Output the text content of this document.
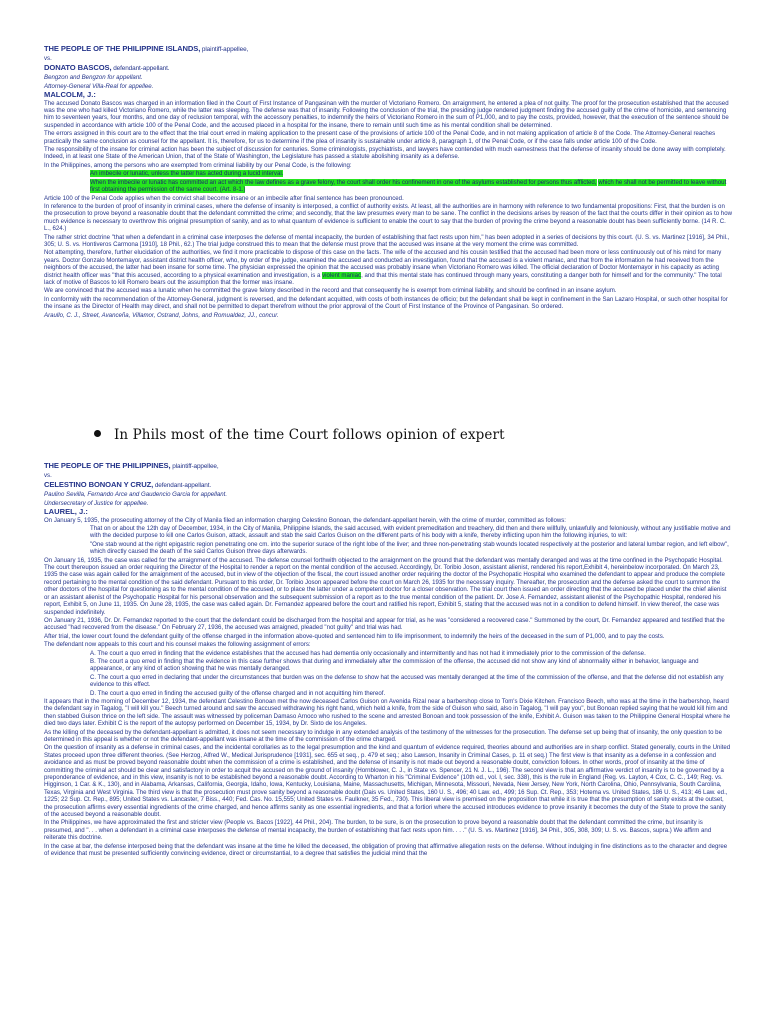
THE PEOPLE OF THE PHILIPPINE ISLANDS, plaintiff-appellee,

vs.

DONATO BASCOS, defendant-appellant.

Bengzon and Bengzon for appellant.

Attorney-General Villa-Real for appellee.

MALCOLM, J.:

The accused Donato Bascos was charged in an information filed in the Court of First Instance of Pangasinan with the murder of Victoriano Romero. On arraignment, he entered a plea of not guilty. The proof for the prosecution established that the accused was the one who had killed Victoriano Romero, while the latter was sleeping. The defense was that of insanity. Following the conclusion of the trial, the presiding judge rendered judgment finding the accused guilty of the crime of homicide, and sentencing him to seventeen years, four months, and one day of reclusion temporal, with the accessory penalties, to indemnify the heirs of Victoriano Romero in the sum of P1,000, and to pay the costs, provided, however, that the execution of the sentence should be suspended in accordance with article 100 of the Penal Code, and the accused placed in a hospital for the insane, there to remain until such time as his mental condition shall be determined.

The errors assigned in this court are to the effect that the trial court erred in making application to the present case of the provisions of article 100 of the Penal Code, and in not making application of article 8 of the Code. The Attorney-General reaches practically the same conclusion as counsel for the appellant. It is, therefore, for us to determine if the plea of insanity is sustainable under article 8, paragraph 1, of the Penal Code, or if the case falls under article 100 of the Code.

The responsibility of the insane for criminal action has been the subject of discussion for centuries. Some criminologists, psychiatrists, and lawyers have contended with much earnestness that the defense of insanity should be done away with completely. Indeed, in at least one State of the American Union, that of the State of Washington, the Legislature has passed a statute abolishing insanity as a defense.

In the Philippines, among the persons who are exempted from criminal liability by our Penal Code, is the following:

An imbecile or lunatic, unless the latter has acted during a lucid interval.

When the imbecile or lunatic has committed an act which the law defines as a grave felony, the court shall order his confinement in one of the asylums established for persons thus afflicted, which he shall not be permitted to leave without first obtaining the permission of the same court. (Art. 8-1.)

Article 100 of the Penal Code applies when the convict shall become insane or an imbecile after final sentence has been pronounced.

In reference to the burden of proof of insanity in criminal cases, where the defense of insanity is interposed, a conflict of authority exists. At least, all the authorities are in harmony with reference to two fundamental propositions: First, that the burden is on the prosecution to prove beyond a reasonable doubt that the defendant committed the crime; and secondly, that the law presumes every man to be sane. The conflict in the decisions arises by reason of the fact that the courts differ in their opinion as to how much evidence is necessary to overthrow this original presumption of sanity, and as to what quantum of evidence is sufficient to enable the court to say that the burden of proving the crime beyond a reasonable doubt has been sufficiently borne. (14 R. C. L., 624.)

The rather strict doctrine "that when a defendant in a criminal case interposes the defense of mental incapacity, the burden of establishing that fact rests upon him," has been adopted in a series of decisions by this court. (U. S. vs. Martinez [1916], 34 Phil., 305; U. S. vs. Hontiveros Carmona [1910], 18 Phil., 62.) The trial judge construed this to mean that the defense must prove that the accused was insane at the very moment the crime was committed.

Not attempting, therefore, further elucidation of the authorities, we find it more practicable to dispose of this case on the facts. The wife of the accused and his cousin testified that the accused had been more or less continuously out of his mind for many years. Doctor Gonzalo Montemayor, assistant district health officer, who, by order of the judge, examined the accused and conducted an investigation, found that the accused is a violent maniac, and that from the information he had received from the neighbors of the accused, the latter had been insane for some time. The physician expressed the opinion that the accused was probably insane when Victoriano Romero was killed. The official declaration of Doctor Montemayor in his capacity as acting district health officer was "that this accused, according to a physical examination and investigation, is a violent maniac, and that this mental state has continued through many years, constituting a danger both for himself and for the community." The total lack of motive of Bascos to kill Romero bears out the assumption that the former was insane.

We are convinced that the accused was a lunatic when he committed the grave felony described in the record and that consequently he is exempt from criminal liability, and should be confined in an insane asylum.

In conformity with the recommendation of the Attorney-General, judgment is reversed, and the defendant acquitted, with costs of both instances de officio; but the defendant shall be kept in confinement in the San Lazaro Hospital, or such other hospital for the insane as the Director of Health may direct, and shall not be permitted to depart therefrom without the prior approval of the Court of First Instance of the Province of Pangasinan. So ordered.

Araullo, C. J., Street, Avanceña, Villamor, Ostrand, Johns, and Romualdez, JJ., concur.

In Phils most of the time Court follows opinion of expert

THE PEOPLE OF THE PHILIPPINES, plaintiff-appellee,

vs.

CELESTINO BONOAN Y CRUZ, defendant-appellant.

Paulino Sevilla, Fernando Arce and Gaudencio Garcia for appellant.

Undersecretary of Justice for appellee.

LAUREL, J.:

On January 5, 1935, the prosecuting attorney of the City of Manila filed an information charging Celestino Bonoan, the defendant-appellant herein, with the crime of murder, committed as follows:

That on or about the 12th day of December, 1934, in the City of Manila, Philippine Islands, the said accused, with evident premeditation and treachery, did then and there willfully, unlawfully and feloniously, without any justifiable motive and with the decided purpose to kill one Carlos Guison, attack, assault and stab the said Carlos Guison on the different parts of his body with a knife, thereby inflicting upon him the following injuries, to wit:

"One stab wound at the right epigastric region penetrating one cm. into the superior surace of the right lobe of the liver; and three non-penetrating stab wounds located respectively at the posterior and lateral lumbar region, and left elbow", which directly caused the death of the said Carlos Guison three days afterwards.

On January 16, 1935, the case was called for the arraignment of the accused. The defense counsel forthwith objected to the arraignment on the ground that the defendant was mentally deranged and was at the time confined in the Psychopatic Hospital. The court thereupon issued an order requiring the Director of the Hospital to render a report on the mental condition of the accused. Accordingly, Dr. Toribio Joson, assistant alienist, rendered his report,Exhibit 4, hereinbelow incorporated. On March 23, 1935 the case was again called for the arraignment of the accused, but in view of the objection of the fiscal, the court issued another order requiring the doctor of the Psychopatic Hospital who examined the defendant to appear and produce the complete record pertaining to the mental condition of the said defendant. Pursuant to this order, Dr. Toribio Joson appeared before the court on March 26, 1935 for the necessary inquiry. Thereafter, the prosecution and the defense asked the court to summon the other doctors of the hospital for questioning as to the mental condition of the accused, or to place the latter under a competent doctor for a closer observation. The trial court then issued an order directing that the accused be placed under the chief alienist or an assistant alienist of the Psychopatic Hospital for his personal observation and the subsequent submission of a report as to the true mental condition of the patient. Dr. Jose A. Fernandez, assistant alienist of the Psychopathic Hospital, rendered his report, Exhibit 5, on June 11, 1935. On June 28, 1935, the case was called again. Dr. Fernandez appeared before the court and ratified his report, Exhibit 5, stating that the accused was not in a condition to defend himself. In view thereof, the case was suspended indefinitely.

On January 21, 1936, Dr. Dr. Fernandez reported to the court that the defendant could be discharged from the hospital and appear for trial, as he was "considered a recovered case." Summoned by the court, Dr. Fernandez appeared and testified that the accused "had recovered from the disease." On February 27, 1936, the accused was arraigned, pleaded "not guilty" and trial was had.

After trial, the lower court found the defendant guilty of the offense charged in the information above-quoted and sentenced him to life imprisonment, to indemnify the heirs of the deceased in the sum of P1,000, and to pay the costs.

The defendant now appeals to this court and his counsel makes the following assignment of errors:

A. The court a quo erred in finding that the evidence establishes that the accused has had dementia only occasionally and intermittently and has not had it immediately prior to the commission of the defense.

B. The court a quo erred in finding that the evidence in this case further shows that during and immediately after the commission of the offense, the accused did not show any kind of abnormality either in behavior, language and appearance, or any kind of action showing that he was mentally deranged.

C. The court a quo erred in declaring that under the circumstances that burden was on the defense to show hat the accused was mentally deranged at the time of the commission of the offense, and that the defense did not establish any evidence to this effect.

D. The court a quo erred in finding the accused guilty of the offense charged and in not acquitting him thereof.

It appears that in the morning of December 12, 1934, the defendant Celestino Bonoan met the now deceased Carlos Guison on Avenida Rizal near a barbershop close to Tom's Dixie Kitchen. Francisco Beech, who was at the time in the barbershop, heard the defendant say in Tagalog, "I will kill you." Beech turned around and saw the accused withdrawing his right hand, which held a knife, from the side of Guison who said, also in Tagalog, "I will pay you", but Bonoan replied saying that he would kill him and then stabbed Guison thrice on the left side. The assault was witnessed by policeman Damaso Arnoco who rushed to the scene and arrested Bonoan and took possession of the knife, Exhibit A. Guison was taken to the Philippine General Hospital where he died two days later. Exhibit C is the report of the autopsy performed on December 15, 1934, by Dr. Sixto de los Angeles.

As the killing of the deceased by the defendant-appellant is admitted, it does not seem necessary to indulge in any extended analysis of the testimony of the witnesses for the prosecution. The defense set up being that of insanity, the only question to be determined in this appeal is whether or not the defendant-appellant was insane at the time of the commission of the crime charged.

On the question of insanity as a defense in criminal cases, and the incidental corollaries as to the legal presumption and the kind and quantum of evidence required, theories abound and authorities are in sharp conflict. Stated generally, courts in the United States proceed upon three different theories. (See Herzog, Alfred W., Medical Jurisprudence [1931], sec. 655 et seq., p. 479 et seq.; also Lawson, Insanity in Criminal Cases, p. 11 et seq.) The first view is that insanity as a defense in a confession and avoidance and as must be proved beyond reasonable doubt when the commission of a crime is established, and the defense of insanity is not made out beyond a reasonable doubt, conviction follows. In other words, proof of insanity at the time of committing the criminal act should be clear and satisfactory in order to acquit the accused on the ground of insanity (Hornblower, C. J., in State vs. Spencer, 21 N. J. L., 196). The second view is that an affirmative verdict of insanity is to be governed by a preponderance of evidence, and in this view, insanity is not to be established beyond a reasonable doubt. According to Wharton in his "Criminal Evidence" (10th ed., vol. I, sec. 338), this is the rule in England (Reg. vs. Layton, 4 Cox, C. C., 149; Reg. vs. Higginson, 1 Car. & K., 130), and in Alabama, Arkansas, California, Georgia, Idaho, Iowa, Kentucky, Louisiana, Maine, Massachusetts, Michigan, Minnesota, Missouri, Nevada, New Jersey, New York, North Carolina, Ohio, Pennsylvania, South Carolina, Texas, Virginia and West Virginia. The third view is that the prosecution must prove sanity beyond a reasonable doubt (Dais vs. United States, 160 U. S., 496; 40 Law. ed., 499; 16 Sup. Ct. Rep., 353; Hotema vs. United States, 186 U. S., 413; 46 Law. ed., 1225; 22 Sup. Ct. Rep., 895; United States vs. Lancaster, 7 Biss., 440; Fed. Cas. No. 15,555; United States vs. Faulkner, 35 Fed., 730). This liberal view is premised on the proposition that while it is true that the presumption of sanity exists at the outset, the prosecution affirms every essential ingredients of the crime charged, and hence affirms sanity as one essential ingredients, and that a fortiori where the accused introduces evidence to prove insanity it becomes the duty of the State to prove the sanity of the accused beyond a reasonable doubt.

In the Philippines, we have approximated the first and stricter view (People vs. Bacos [1922], 44 Phil., 204). The burden, to be sure, is on the prosecution to prove beyond a reasonable doubt that the defendant committed the crime, but insanity is presumed, and ". . . when a defendant in a criminal case interposes the defense of mental incapacity, the burden of establishing that fact rests upon him. . . ." (U. S. vs. Martinez [1916], 34 Phil., 305, 308, 309; U. S. vs. Bascos, supra.) We affirm and reiterate this doctrine.

In the case at bar, the defense interposed being that the defendant was insane at the time he killed the deceased, the obligation of proving that affirmative allegation rests on the defense. Without indulging in fine distinctions as to the character and degree of evidence that must be presented sufficiently convincing evidence, direct or circumstantial, to a degree that satisfies the judicial mind that the
